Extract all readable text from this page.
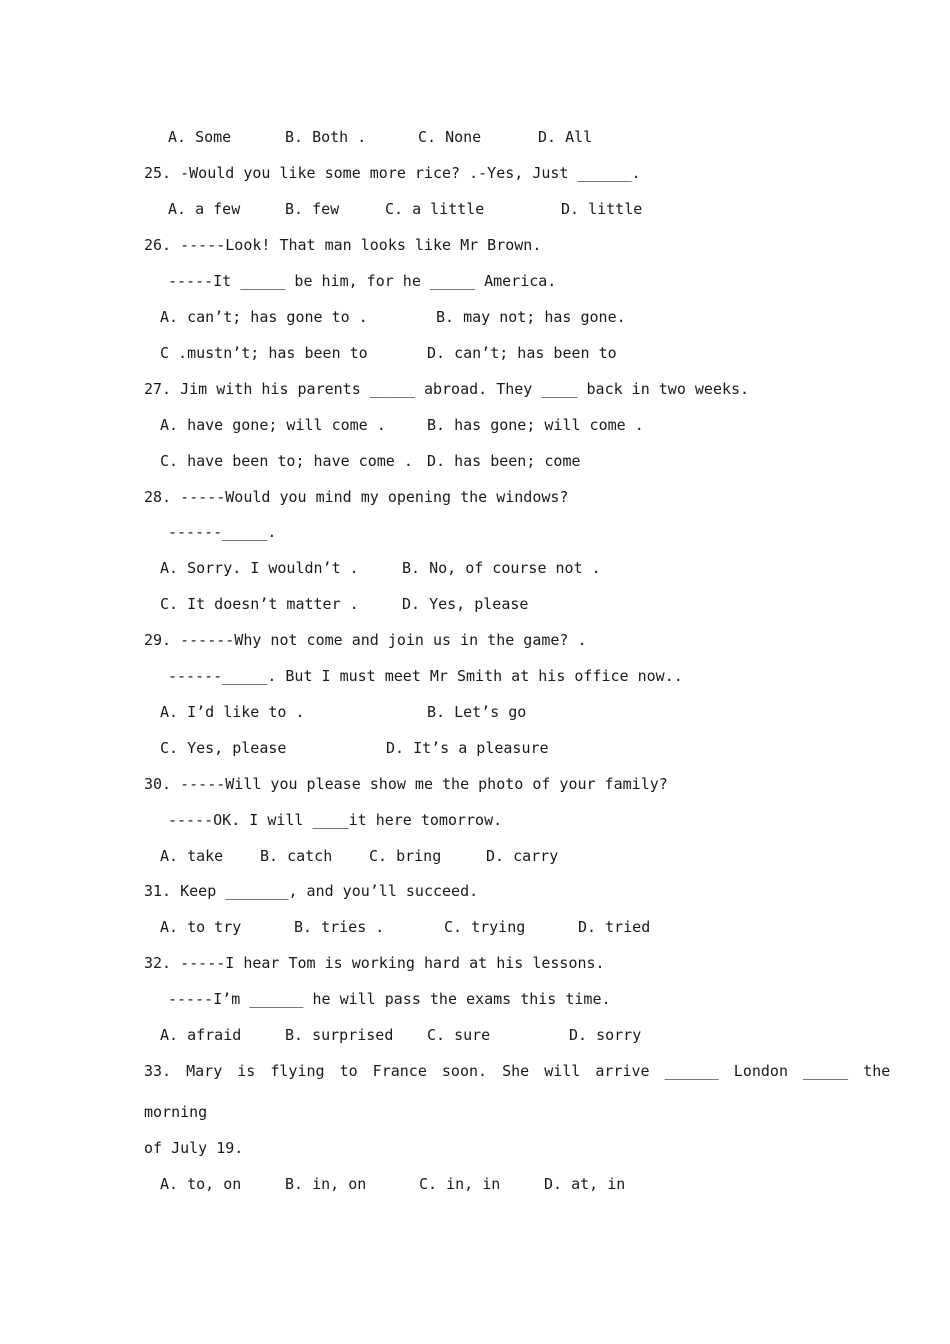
A. Some	B. Both .	C. None	D. All
25. -Would you like some more rice? .-Yes, Just ______.
A. a few	B. few	C. a little	D. little
26. -----Look! That man looks like Mr Brown.
-----It _____ be him, for he _____ America.
A. can’t; has gone to .	B. may not; has gone.
C .mustn’t; has been to	D. can’t; has been to
27. Jim with his parents _____ abroad. They ____ back in two weeks.
A. have gone; will come .	B. has gone; will come .
C. have been to; have come . D. has been; come
28. -----Would you mind my opening the windows?
------_____.
A. Sorry. I wouldn’t .	B. No, of course not .
C. It doesn’t matter .	D. Yes, please
29. ------Why not come and join us in the game? .
------_____. But I must meet Mr Smith at his office now..
A. I’d like to .	B. Let’s go
C. Yes, please	D. It’s a pleasure
30. -----Will you please show me the photo of your family?
-----OK. I will ____it here tomorrow.
A. take B. catch C. bring	D. carry
31. Keep _______, and you’ll succeed.
A. to try	B. tries .	C. trying	D. tried
32. -----I hear Tom is working hard at his lessons.
-----I’m ______ he will pass the exams this time.
A. afraid	B. surprised C. sure	D. sorry
33. Mary is flying to France soon. She will arrive ______ London _____ the
morning
of July 19.
A. to, on	B. in, on	C. in, in	D. at, in
